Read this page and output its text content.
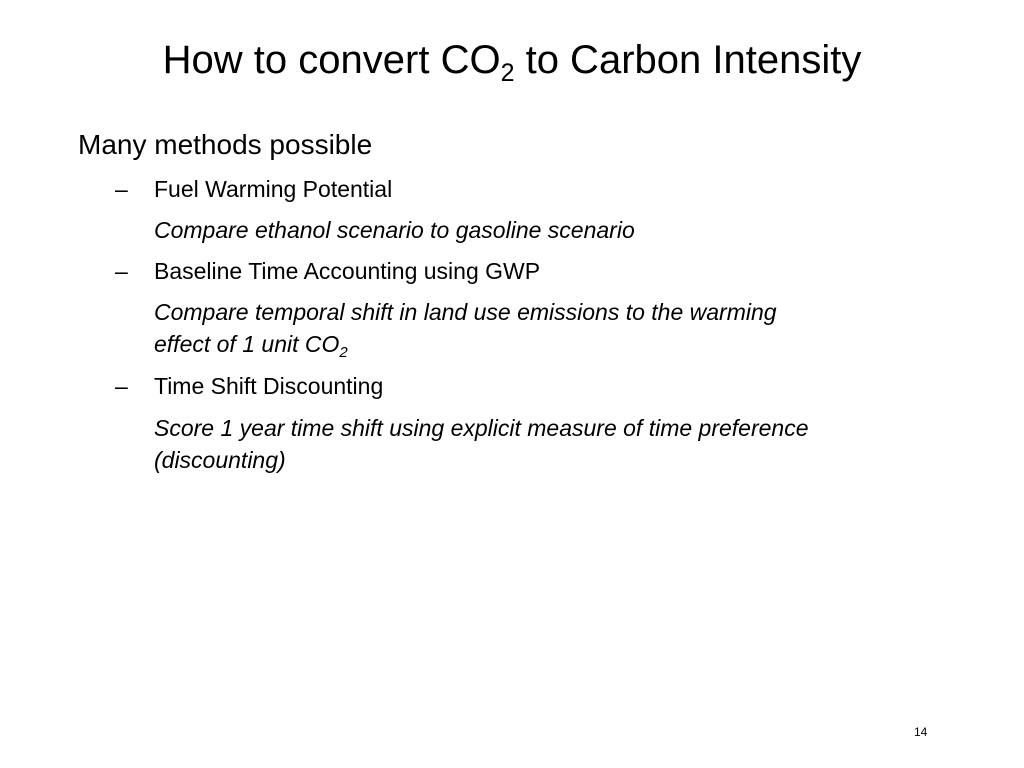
How to convert $CO_2$ to Carbon Intensity
Many methods possible
– Fuel Warming Potential
Compare ethanol scenario to gasoline scenario
– Baseline Time Accounting using GWP
Compare temporal shift in land use emissions to the warming
effect of 1 unit $CO_2$
– Time Shift Discounting
Score 1 year time shift using explicit measure of time preference
(discounting)
14
